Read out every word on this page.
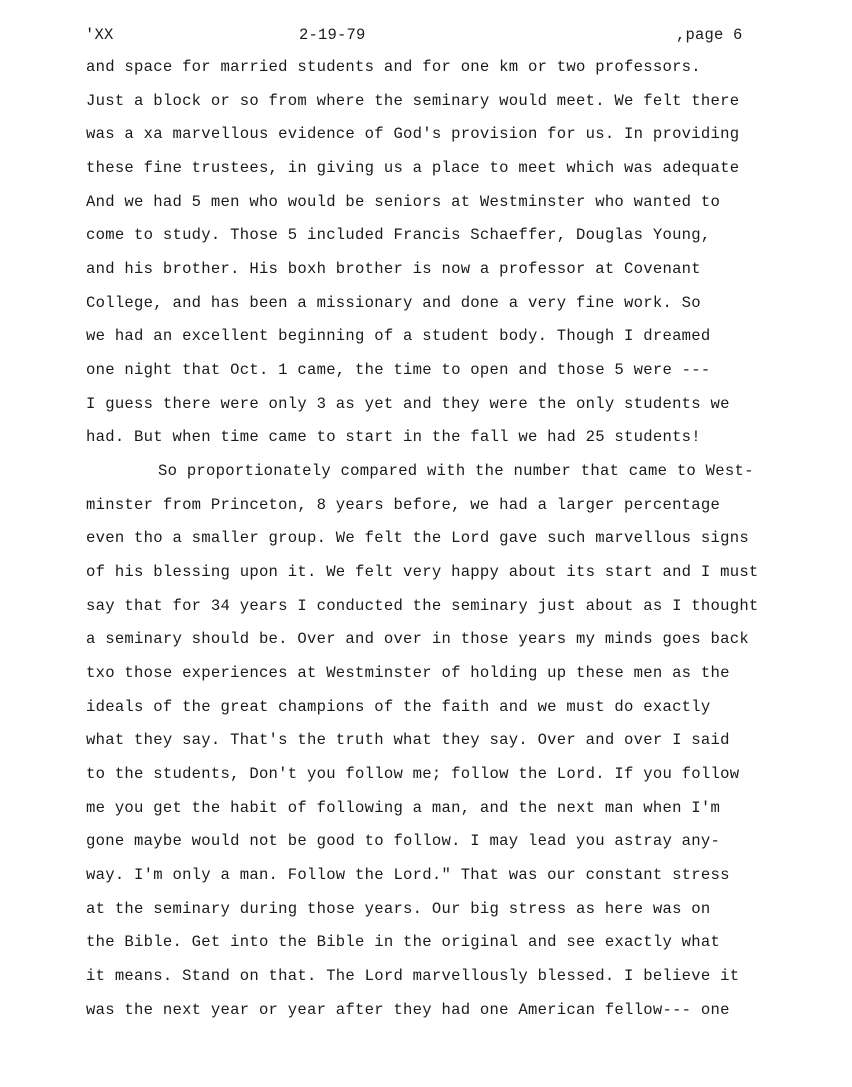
'XX	2-19-79	,page 6
and space for married students and for one km or two professors.
Just a block or so from where the seminary would meet. We felt there
was a xa marvellous evidence of God's provision for us. In providing
these fine trustees, in giving us a place to meet which was adequate
And we had 5 men who would be seniors at Westminster who wanted to
come to study. Those 5 included Francis Schaeffer, Douglas Young,
and his brother. His boxh brother is now a professor at Covenant
College, and has been a missionary and done a very fine work. So
we had an excellent beginning of a student body. Though I dreamed
one night that Oct. 1 came, the time to open and those 5 were ---
I guess there were only 3 as yet and they were the only students we
had. But when time came to start in the fall we had 25 students!
So proportionately compared with the number that came to West-
minster from Princeton, 8 years before, we had a larger percentage
even tho a smaller group. We felt the Lord gave such marvellous signs
of his blessing upon it. We felt very happy about its start and I must
say that for 34 years I conducted the seminary just about as I thought
a seminary should be. Over and over in those years my minds goes back
txo those experiences at Westminster of holding up these men as the
ideals of the great champions of the faith and we must do exactly
what they say. That's the truth what they say. Over and over I said
to the students, Don't you follow me; follow the Lord. If you follow
me you get the habit of following a man, and the next man when I'm
gone maybe would not be good to follow. I may lead you astray any-
way. I'm only a man. Follow the Lord." That was our constant stress
at the seminary during those years. Our big stress as here was on
the Bible. Get into the Bible in the original and see exactly what
it means. Stand on that. The Lord marvellously blessed. I believe it
was the next year or year after they had one American fellow--- one
